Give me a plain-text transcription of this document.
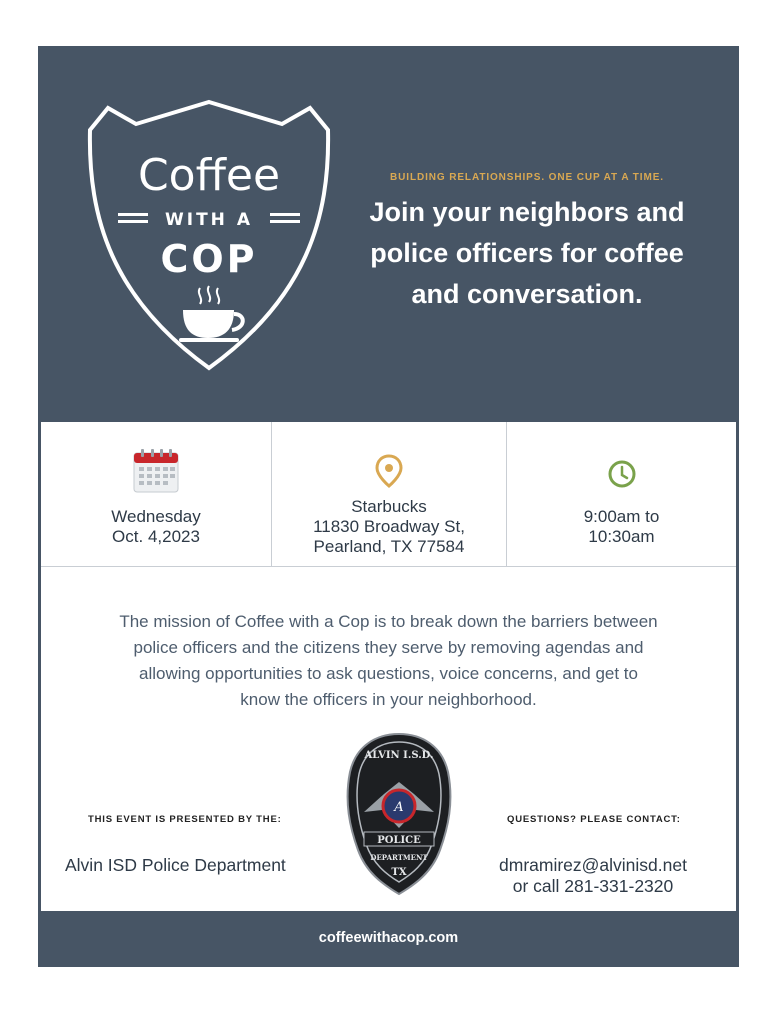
Coffee
WITH A
COP
BUILDING RELATIONSHIPS. ONE CUP AT A TIME.
Join your neighbors and
police officers for coffee
and conversation.
Wednesday
Oct. 4,2023
Starbucks
11830 Broadway St,
Pearland, TX 77584
9:00am to
10:30am
The mission of Coffee with a Cop is to break down the barriers between
police officers and the citizens they serve by removing agendas and
allowing opportunities to ask questions, voice concerns, and get to
know the officers in your neighborhood.
THIS EVENT IS PRESENTED BY THE:
Alvin ISD Police Department
ALVIN I.S.D.
A
POLICE
DEPARTMENT
TX
QUESTIONS? PLEASE CONTACT:
dmramirez@alvinisd.net
or call 281-331-2320
coffeewithacop.com
